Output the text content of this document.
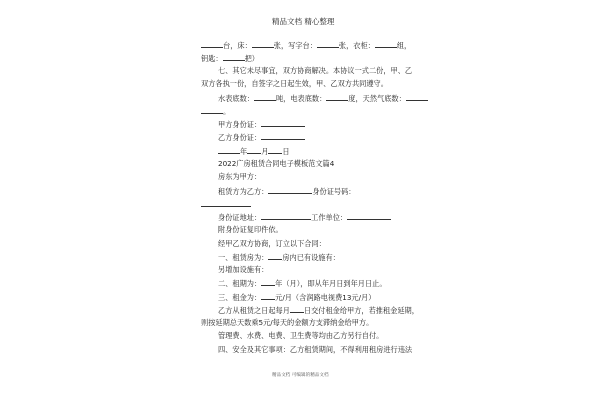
精品文档 精心整理
台，床：	张，写字台：	张，衣柜：	组，
钥匙：	把）
七、其它未尽事宜，双方协商解决。本协议一式二份，甲、乙
双方各执一份，自签字之日起生效，甲、乙双方共同遵守。
水表底数：	吨，电表底数：	度，天然气底数：
。
甲方身份证：
乙方身份证：
年 月 日
2022广房租赁合同电子模板范文篇4
房东为甲方：
租赁方为乙方：	身份证号码：
身份证地址：	工作单位：
附身份证复印件依。
经甲乙双方协商，订立以下合同：
一、租赁房为： 房内已有设施有：
另增加设施有：
二、租期为： 年（月），即从年月日到年月日止。
三、租金为： 元/月（含润路电视费13元/月）
乙方从租赁之日起每月 日交付租金给甲方，若推租金延期，
则按延期总天数乘5元/每天的金额方支滞纳金给甲方。
管理费、水费、电费、卫生费等均由乙方另行自付。
四、安全及其它事项：乙方租赁期间，不得利用租房进行违法
精品文档 可编辑的精品文档
